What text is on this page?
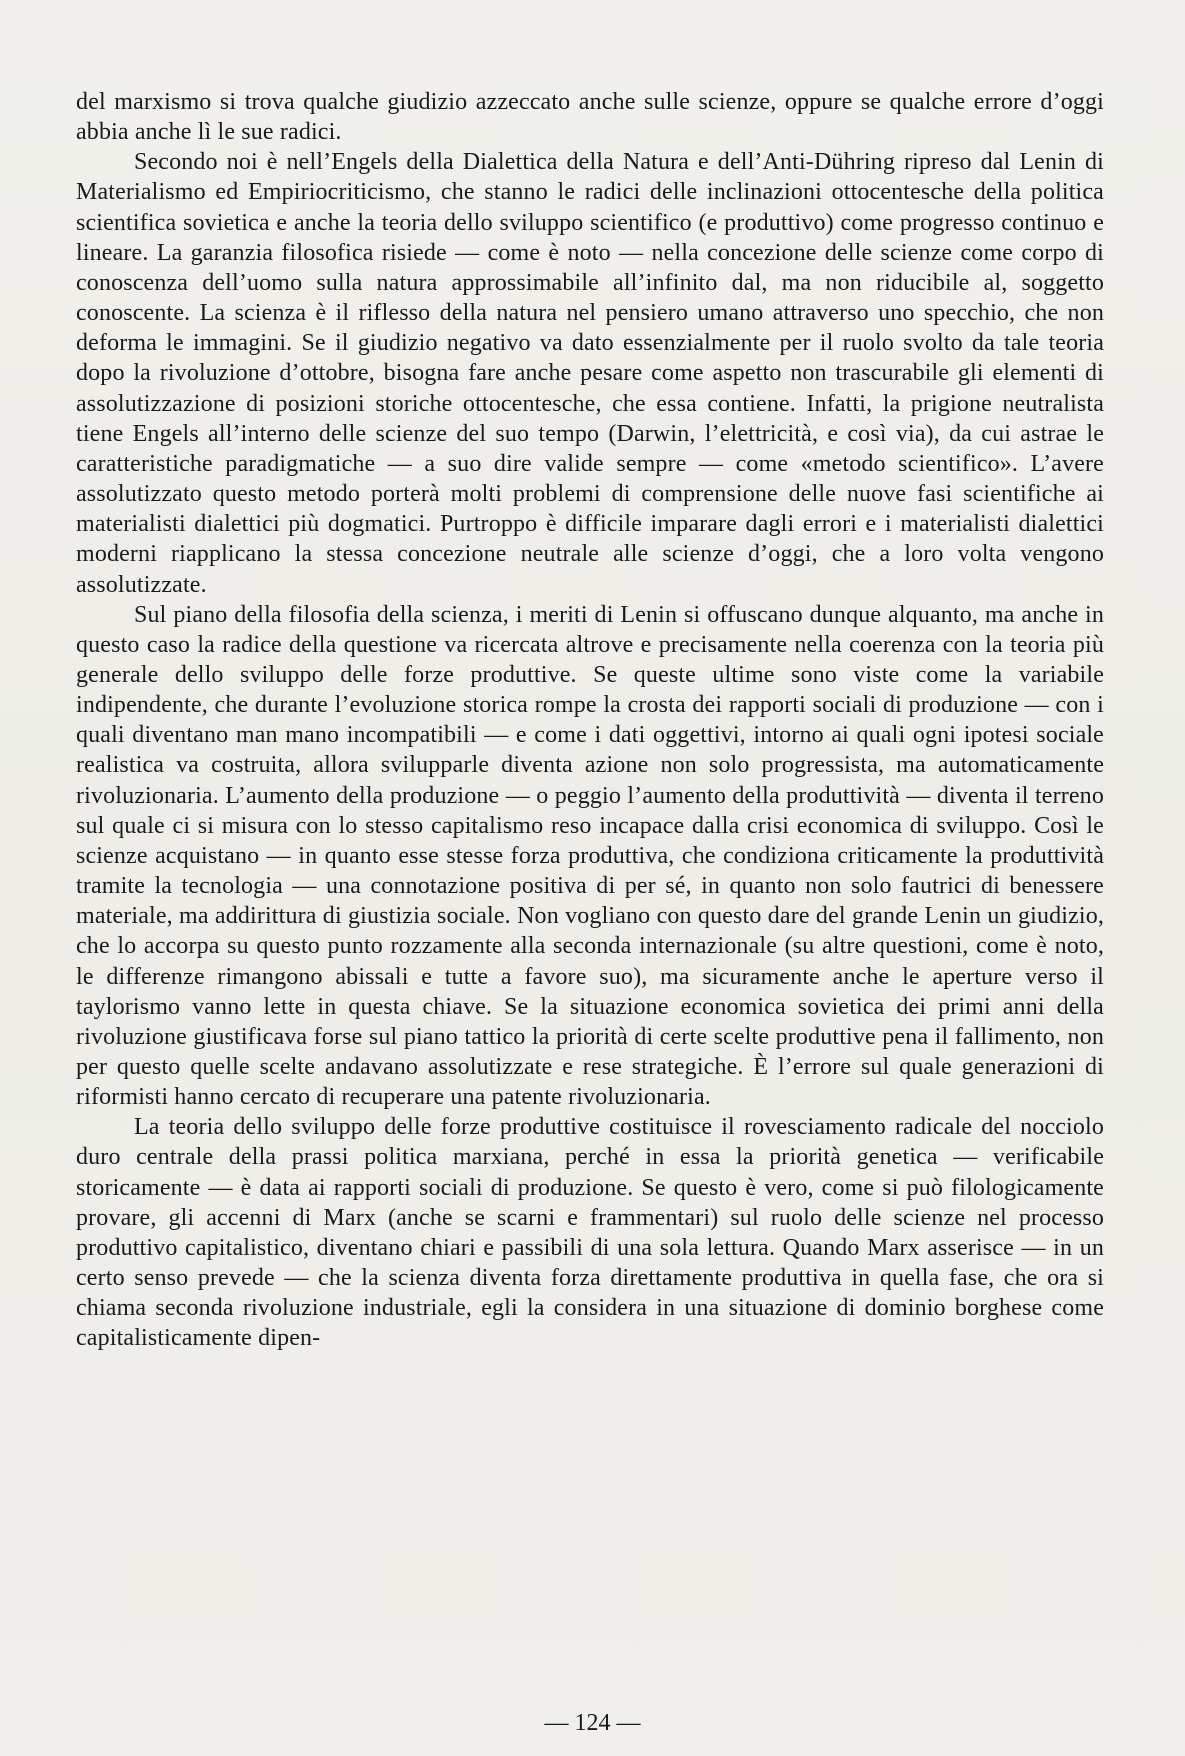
del marxismo si trova qualche giudizio azzeccato anche sulle scienze, oppure se qualche errore d’oggi abbia anche lì le sue radici.

Secondo noi è nell’Engels della Dialettica della Natura e dell’Anti-Dühring ripreso dal Lenin di Materialismo ed Empiriocriticismo, che stanno le radici delle inclinazioni ottocentesche della politica scientifica sovietica e anche la teoria dello sviluppo scientifico (e produttivo) come progresso continuo e lineare. La garanzia filosofica risiede — come è noto — nella concezione delle scienze come corpo di conoscenza dell’uomo sulla natura approssimabile all’infinito dal, ma non riducibile al, soggetto conoscente. La scienza è il riflesso della natura nel pensiero umano attraverso uno specchio, che non deforma le immagini. Se il giudizio negativo va dato essenzialmente per il ruolo svolto da tale teoria dopo la rivoluzione d’ottobre, bisogna fare anche pesare come aspetto non trascurabile gli elementi di assolutizzazione di posizioni storiche ottocentesche, che essa contiene. Infatti, la prigione neutralista tiene Engels all’interno delle scienze del suo tempo (Darwin, l’elettricità, e così via), da cui astrae le caratteristiche paradigmatiche — a suo dire valide sempre — come «metodo scientifico». L’avere assolutizzato questo metodo porterà molti problemi di comprensione delle nuove fasi scientifiche ai materialisti dialettici più dogmatici. Purtroppo è difficile imparare dagli errori e i materialisti dialettici moderni riapplicano la stessa concezione neutrale alle scienze d’oggi, che a loro volta vengono assolutizzate.

Sul piano della filosofia della scienza, i meriti di Lenin si offuscano dunque alquanto, ma anche in questo caso la radice della questione va ricercata altrove e precisamente nella coerenza con la teoria più generale dello sviluppo delle forze produttive. Se queste ultime sono viste come la variabile indipendente, che durante l’evoluzione storica rompe la crosta dei rapporti sociali di produzione — con i quali diventano man mano incompatibili — e come i dati oggettivi, intorno ai quali ogni ipotesi sociale realistica va costruita, allora svilupparle diventa azione non solo progressista, ma automaticamente rivoluzionaria. L’aumento della produzione — o peggio l’aumento della produttività — diventa il terreno sul quale ci si misura con lo stesso capitalismo reso incapace dalla crisi economica di sviluppo. Così le scienze acquistano — in quanto esse stesse forza produttiva, che condiziona criticamente la produttività tramite la tecnologia — una connotazione positiva di per sé, in quanto non solo fautrici di benessere materiale, ma addirittura di giustizia sociale. Non vogliano con questo dare del grande Lenin un giudizio, che lo accorpa su questo punto rozzamente alla seconda internazionale (su altre questioni, come è noto, le differenze rimangono abissali e tutte a favore suo), ma sicuramente anche le aperture verso il taylorismo vanno lette in questa chiave. Se la situazione economica sovietica dei primi anni della rivoluzione giustificava forse sul piano tattico la priorità di certe scelte produttive pena il fallimento, non per questo quelle scelte andavano assolutizzate e rese strategiche. È l’errore sul quale generazioni di riformisti hanno cercato di recuperare una patente rivoluzionaria.

La teoria dello sviluppo delle forze produttive costituisce il rovesciamento radicale del nocciolo duro centrale della prassi politica marxiana, perché in essa la priorità genetica — verificabile storicamente — è data ai rapporti sociali di produzione. Se questo è vero, come si può filologicamente provare, gli accenni di Marx (anche se scarni e frammentari) sul ruolo delle scienze nel processo produttivo capitalistico, diventano chiari e passibili di una sola lettura. Quando Marx asserisce — in un certo senso prevede — che la scienza diventa forza direttamente produttiva in quella fase, che ora si chiama seconda rivoluzione industriale, egli la considera in una situazione di dominio borghese come capitalisticamente dipen-

— 124 —
